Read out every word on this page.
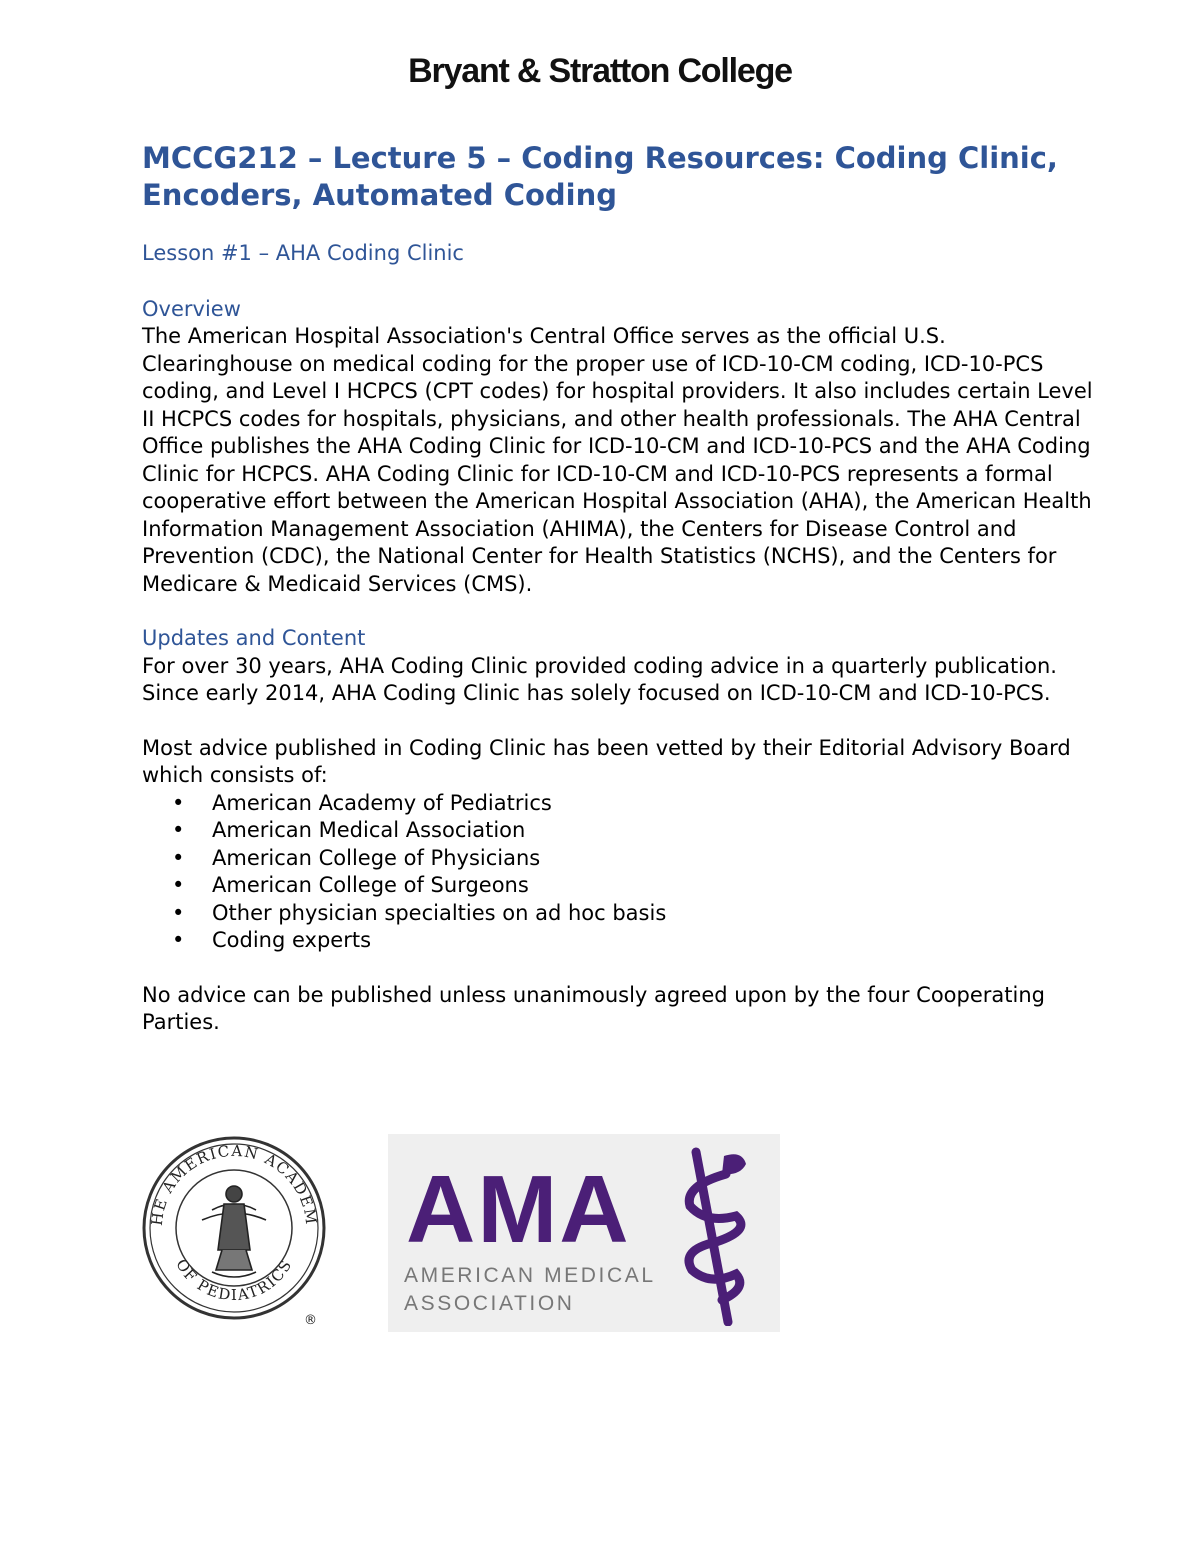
Bryant & Stratton College
MCCG212 – Lecture 5 – Coding Resources: Coding Clinic, Encoders, Automated Coding

Lesson #1 – AHA Coding Clinic

Overview

The American Hospital Association's Central Office serves as the official U.S. Clearinghouse on medical coding for the proper use of ICD-10-CM coding, ICD-10-PCS coding, and Level I HCPCS (CPT codes) for hospital providers. It also includes certain Level II HCPCS codes for hospitals, physicians, and other health professionals. The AHA Central Office publishes the AHA Coding Clinic for ICD-10-CM and ICD-10-PCS and the AHA Coding Clinic for HCPCS. AHA Coding Clinic for ICD-10-CM and ICD-10-PCS represents a formal cooperative effort between the American Hospital Association (AHA), the American Health Information Management Association (AHIMA), the Centers for Disease Control and Prevention (CDC), the National Center for Health Statistics (NCHS), and the Centers for Medicare & Medicaid Services (CMS).

Updates and Content

For over 30 years, AHA Coding Clinic provided coding advice in a quarterly publication. Since early 2014, AHA Coding Clinic has solely focused on ICD-10-CM and ICD-10-PCS.

Most advice published in Coding Clinic has been vetted by their Editorial Advisory Board which consists of:

• American Academy of Pediatrics
• American Medical Association
• American College of Physicians
• American College of Surgeons
• Other physician specialties on ad hoc basis
• Coding experts

No advice can be published unless unanimously agreed upon by the four Cooperating Parties.

HE AMERICAN ACADEM
OF PEDIATRICS
®
AMA
AMERICAN MEDICAL
ASSOCIATION
